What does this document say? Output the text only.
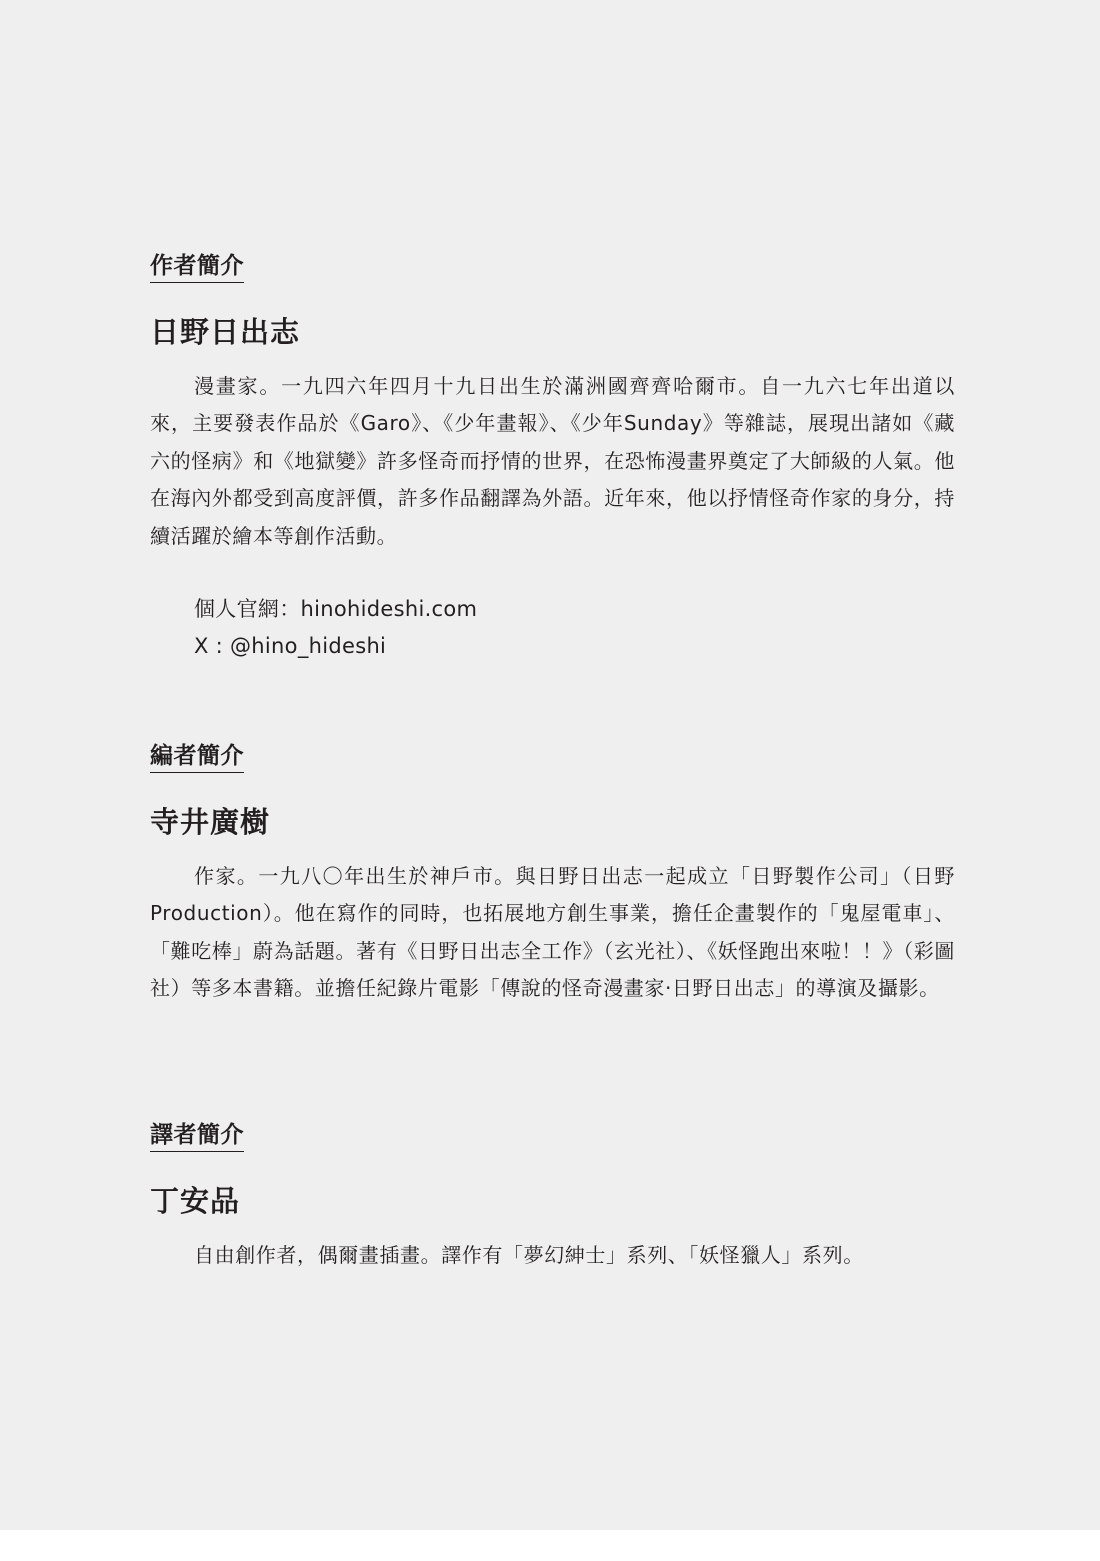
作者簡介
日野日出志

漫畫家。一九四六年四月十九日出生於滿洲國齊齊哈爾市。自一九六七年出道以來，主要發表作品於《Garo》、《少年畫報》、《少年Sunday》等雜誌，展現出諸如《藏六的怪病》和《地獄變》許多怪奇而抒情的世界，在恐怖漫畫界奠定了大師級的人氣。他在海內外都受到高度評價，許多作品翻譯為外語。近年來，他以抒情怪奇作家的身分，持續活躍於繪本等創作活動。

個人官網：hinohideshi.com
X : @hino_hideshi
編者簡介
寺井廣樹

作家。一九八〇年出生於神戶市。與日野日出志一起成立「日野製作公司」（日野Production）。他在寫作的同時，也拓展地方創生事業，擔任企畫製作的「鬼屋電車」、「難吃棒」蔚為話題。著有《日野日出志全工作》（玄光社）、《妖怪跑出來啦！！》（彩圖社）等多本書籍。並擔任紀錄片電影「傳說的怪奇漫畫家·日野日出志」的導演及攝影。

譯者簡介
丁安品

自由創作者，偶爾畫插畫。譯作有「夢幻紳士」系列、「妖怪獵人」系列。
